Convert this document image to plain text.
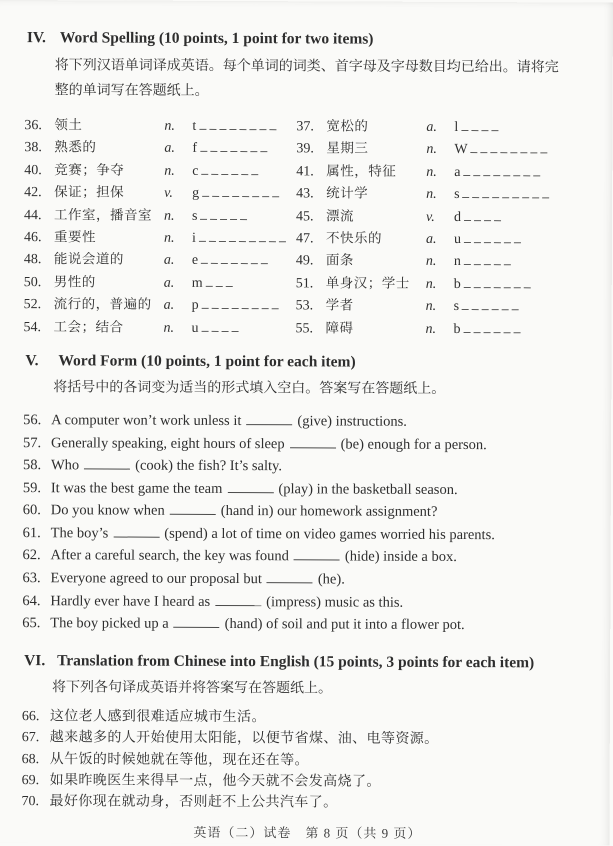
IV. Word Spelling (10 points, 1 point for two items)

将下列汉语单词译成英语。每个单词的词类、首字母及字母数目均已给出。请将完整的单词写在答题纸上。

36. 领土	n.	t	37. 宽松的	a.	l
38. 熟悉的	a.	f	39. 星期三	n.	W
40. 竞赛；争夺	n.	c	41. 属性，特征	n.	a
42. 保证；担保	v.	g	43. 统计学	n.	s
44. 工作室，播音室 n.	s	45. 漂流	v.	d
46. 重要性	n.	i	47. 不快乐的	a.	u
48. 能说会道的	a.	e	49. 面条	n.	n
50. 男性的	a.	m	51. 单身汉；学士	n.	b
52. 流行的，普遍的 a.	p	53. 学者	n.	s
54. 工会；结合	n.	u	55. 障碍	n.	b
V. Word Form (10 points, 1 point for each item)

将括号中的各词变为适当的形式填入空白。答案写在答题纸上。

56. A computer won’t work unless it	(give) instructions.
57. Generally speaking, eight hours of sleep	(be) enough for a person.
58. Who	(cook) the fish? It’s salty.
59. It was the best game the team	(play) in the basketball season.
60. Do you know when	(hand in) our homework assignment?
61. The boy’s	(spend) a lot of time on video games worried his parents.
62. After a careful search, the key was found	(hide) inside a box.
63. Everyone agreed to our proposal but	(he).
64. Hardly ever have I heard as	(impress) music as this.
65. The boy picked up a	(hand) of soil and put it into a flower pot.
VI. Translation from Chinese into English (15 points, 3 points for each item)

将下列各句译成英语并将答案写在答题纸上。

66. 这位老人感到很难适应城市生活。
67. 越来越多的人开始使用太阳能，以便节省煤、油、电等资源。
68. 从午饭的时候她就在等他，现在还在等。
69. 如果昨晚医生来得早一点，他今天就不会发高烧了。
70. 最好你现在就动身，否则赶不上公共汽车了。
英语（二）试卷　第 8 页（共 9 页）
